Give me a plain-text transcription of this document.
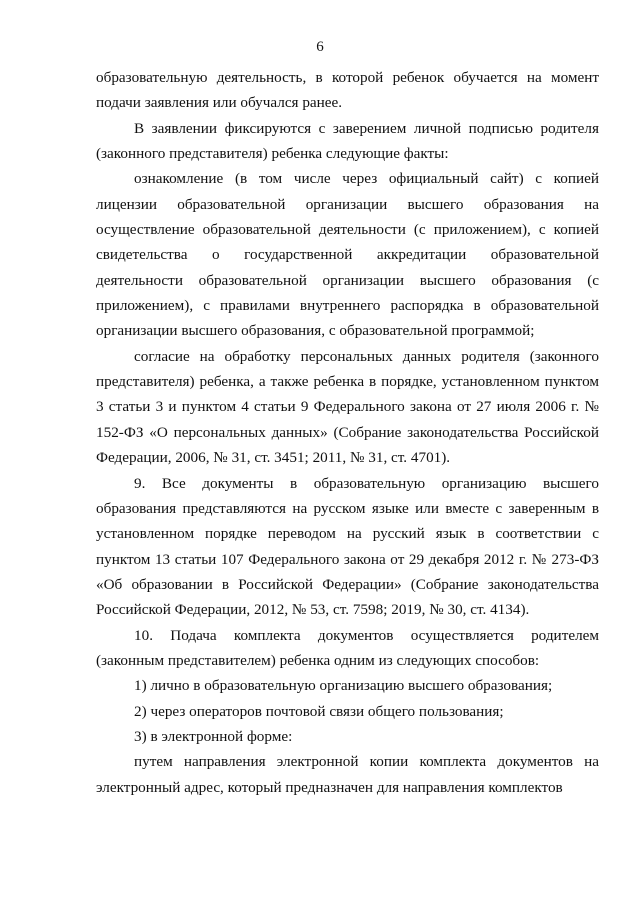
6

образовательную деятельность, в которой ребенок обучается на момент подачи заявления или обучался ранее.

В заявлении фиксируются с заверением личной подписью родителя (законного представителя) ребенка следующие факты:

ознакомление (в том числе через официальный сайт) с копией лицензии образовательной организации высшего образования на осуществление образовательной деятельности (с приложением), с копией свидетельства о государственной аккредитации образовательной деятельности образовательной организации высшего образования (с приложением), с правилами внутреннего распорядка в образовательной организации высшего образования, с образовательной программой;

согласие на обработку персональных данных родителя (законного представителя) ребенка, а также ребенка в порядке, установленном пунктом 3 статьи 3 и пунктом 4 статьи 9 Федерального закона от 27 июля 2006 г. № 152-ФЗ «О персональных данных» (Собрание законодательства Российской Федерации, 2006, № 31, ст. 3451; 2011, № 31, ст. 4701).

9. Все документы в образовательную организацию высшего образования представляются на русском языке или вместе с заверенным в установленном порядке переводом на русский язык в соответствии с пунктом 13 статьи 107 Федерального закона от 29 декабря 2012 г. № 273-ФЗ «Об образовании в Российской Федерации» (Собрание законодательства Российской Федерации, 2012, № 53, ст. 7598; 2019, № 30, ст. 4134).

10. Подача комплекта документов осуществляется родителем (законным представителем) ребенка одним из следующих способов:

1) лично в образовательную организацию высшего образования;

2) через операторов почтовой связи общего пользования;

3) в электронной форме:

путем направления электронной копии комплекта документов на электронный адрес, который предназначен для направления комплектов
